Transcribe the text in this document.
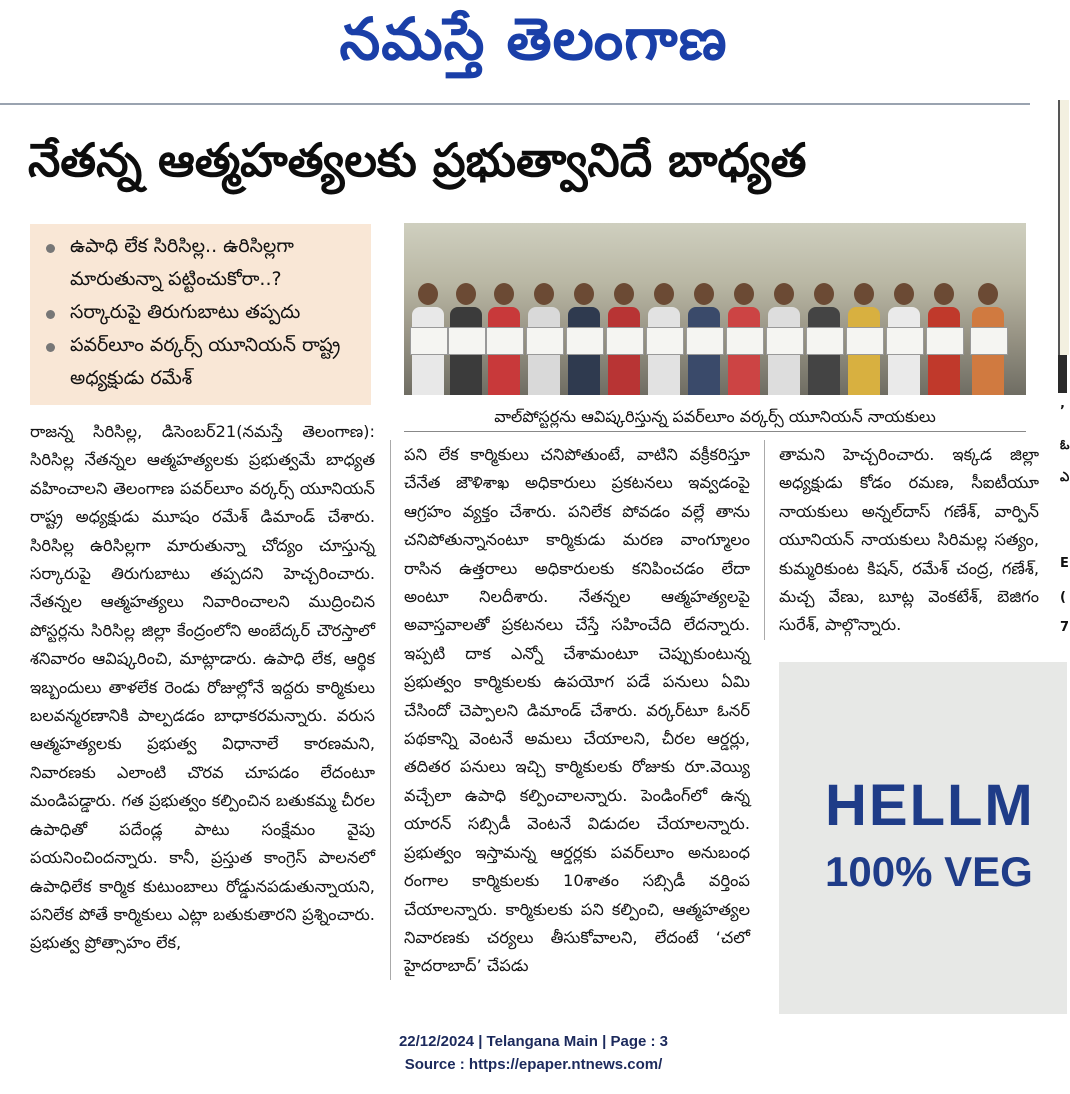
నమస్తే తెలంగాణ
నేతన్న ఆత్మహత్యలకు ప్రభుత్వానిదే బాధ్యత
ఉపాధి లేక సిరిసిల్ల.. ఉరిసిల్లగా మారుతున్నా పట్టించుకోరా..?
సర్కారుపై తిరుగుబాటు తప్పదు
పవర్‌లూం వర్కర్స్ యూనియన్ రాష్ట్ర అధ్యక్షుడు రమేశ్
వాల్‌పోస్టర్లను ఆవిష్కరిస్తున్న పవర్‌లూం వర్కర్స్ యూనియన్ నాయకులు
రాజన్న సిరిసిల్ల, డిసెంబర్21(నమస్తే తెలంగాణ): సిరిసిల్ల నేతన్నల ఆత్మహత్యలకు ప్రభుత్వమే బాధ్యత వహించాలని తెలంగాణ పవర్‌లూం వర్కర్స్ యూనియన్ రాష్ట్ర అధ్యక్షుడు మూషం రమేశ్ డిమాండ్ చేశారు. సిరిసిల్ల ఉరిసిల్లగా మారుతున్నా చోద్యం చూస్తున్న సర్కారుపై తిరుగుబాటు తప్పదని హెచ్చరించారు. నేతన్నల ఆత్మహత్యలు నివారించాలని ముద్రించిన పోస్టర్లను సిరిసిల్ల జిల్లా కేంద్రంలోని అంబేద్కర్ చౌరస్తాలో శనివారం ఆవిష్కరించి, మాట్లాడారు. ఉపాధి లేక, ఆర్థిక ఇబ్బందులు తాళలేక రెండు రోజుల్లోనే ఇద్దరు కార్మికులు బలవన్మరణానికి పాల్పడడం బాధాకరమన్నారు. వరుస ఆత్మహత్యలకు ప్రభుత్వ విధానాలే కారణమని, నివారణకు ఎలాంటి చొరవ చూపడం లేదంటూ మండిపడ్డారు. గత ప్రభుత్వం కల్పించిన బతుకమ్మ చీరల ఉపాధితో పదేండ్ల పాటు సంక్షేమం వైపు పయనించిందన్నారు. కానీ, ప్రస్తుత కాంగ్రెస్ పాలనలో ఉపాధిలేక కార్మిక కుటుంబాలు రోడ్డునపడుతున్నాయని, పనిలేక పోతే కార్మికులు ఎట్లా బతుకుతారని ప్రశ్నించారు. ప్రభుత్వ ప్రోత్సాహం లేక,
పని లేక కార్మికులు చనిపోతుంటే, వాటిని వక్రీకరిస్తూ చేనేత జౌళిశాఖ అధికారులు ప్రకటనలు ఇవ్వడంపై ఆగ్రహం వ్యక్తం చేశారు. పనిలేక పోవడం వల్లే తాను చనిపోతున్నానంటూ కార్మికుడు మరణ వాంగ్మూలం రాసిన ఉత్తరాలు అధికారులకు కనిపించడం లేదా అంటూ నిలదీశారు. నేతన్నల ఆత్మహత్యలపై అవాస్తవాలతో ప్రకటనలు చేస్తే సహించేది లేదన్నారు. ఇప్పటి దాక ఎన్నో చేశామంటూ చెప్పుకుంటున్న ప్రభుత్వం కార్మికులకు ఉపయోగ పడే పనులు ఏమి చేసిందో చెప్పాలని డిమాండ్ చేశారు. వర్కర్‌టూ ఓనర్ పథకాన్ని వెంటనే అమలు చేయాలని, చీరల ఆర్డర్లు, తదితర పనులు ఇచ్చి కార్మికులకు రోజుకు రూ.వెయ్యి వచ్చేలా ఉపాధి కల్పించాలన్నారు. పెండింగ్‌లో ఉన్న యారన్ సబ్సిడీ వెంటనే విడుదల చేయాలన్నారు. ప్రభుత్వం ఇస్తామన్న ఆర్డర్లకు పవర్‌లూం అనుబంధ రంగాల కార్మికులకు 10శాతం సబ్సిడీ వర్తింప చేయాలన్నారు. కార్మికులకు పని కల్పించి, ఆత్మహత్యల నివారణకు చర్యలు తీసుకోవాలని, లేదంటే ‘చలో హైదరాబాద్’ చేపడు
తామని హెచ్చరించారు. ఇక్కడ జిల్లా అధ్యక్షుడు కోడం రమణ, సీఐటీయూ నాయకులు అన్నల్‌దాస్ గణేశ్, వార్పిన్ యూనియన్ నాయకులు సిరిమల్ల సత్యం, కుమ్మరికుంట కిషన్, రమేశ్ చంద్ర, గణేశ్, మచ్చ వేణు, బూట్ల వెంకటేశ్, బెజిగం సురేశ్, పాల్గొన్నారు.
HELLM
100% VEG
’
ఓ
ఎ
E
(
7
22/12/2024 | Telangana Main | Page : 3
Source : https://epaper.ntnews.com/
